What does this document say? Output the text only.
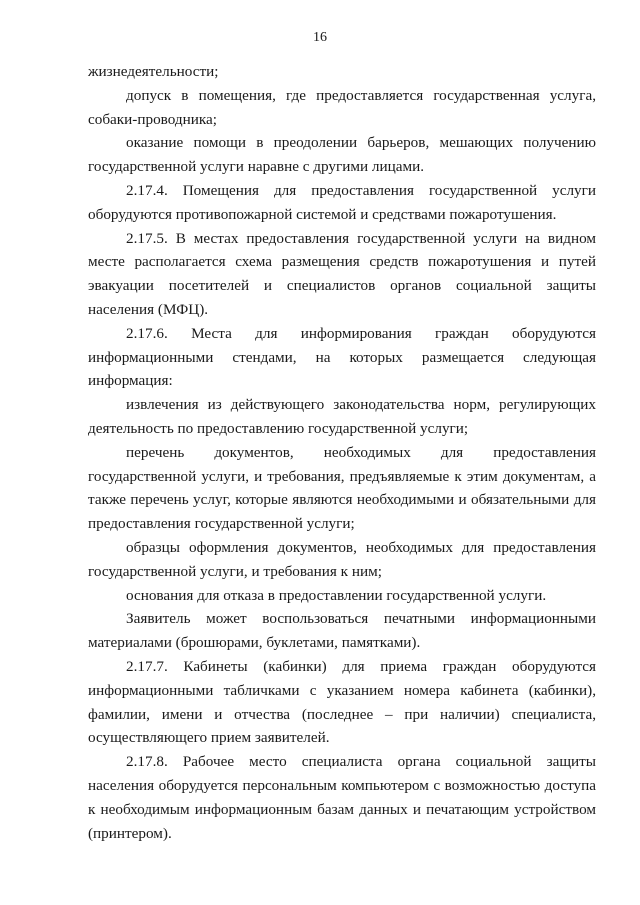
16

жизнедеятельности;

допуск в помещения, где предоставляется государственная услуга, собаки-проводника;

оказание помощи в преодолении барьеров, мешающих получению государственной услуги наравне с другими лицами.

2.17.4. Помещения для предоставления государственной услуги оборудуются противопожарной системой и средствами пожаротушения.

2.17.5. В местах предоставления государственной услуги на видном месте располагается схема размещения средств пожаротушения и путей эвакуации посетителей и специалистов органов социальной защиты населения (МФЦ).

2.17.6. Места для информирования граждан оборудуются информационными стендами, на которых размещается следующая информация:

извлечения из действующего законодательства норм, регулирующих деятельность по предоставлению государственной услуги;

перечень документов, необходимых для предоставления государственной услуги, и требования, предъявляемые к этим документам, а также перечень услуг, которые являются необходимыми и обязательными для предоставления государственной услуги;

образцы оформления документов, необходимых для предоставления государственной услуги, и требования к ним;

основания для отказа в предоставлении государственной услуги.

Заявитель может воспользоваться печатными информационными материалами (брошюрами, буклетами, памятками).

2.17.7. Кабинеты (кабинки) для приема граждан оборудуются информационными табличками с указанием номера кабинета (кабинки), фамилии, имени и отчества (последнее – при наличии) специалиста, осуществляющего прием заявителей.

2.17.8. Рабочее место специалиста органа социальной защиты населения оборудуется персональным компьютером с возможностью доступа к необходимым информационным базам данных и печатающим устройством (принтером).
